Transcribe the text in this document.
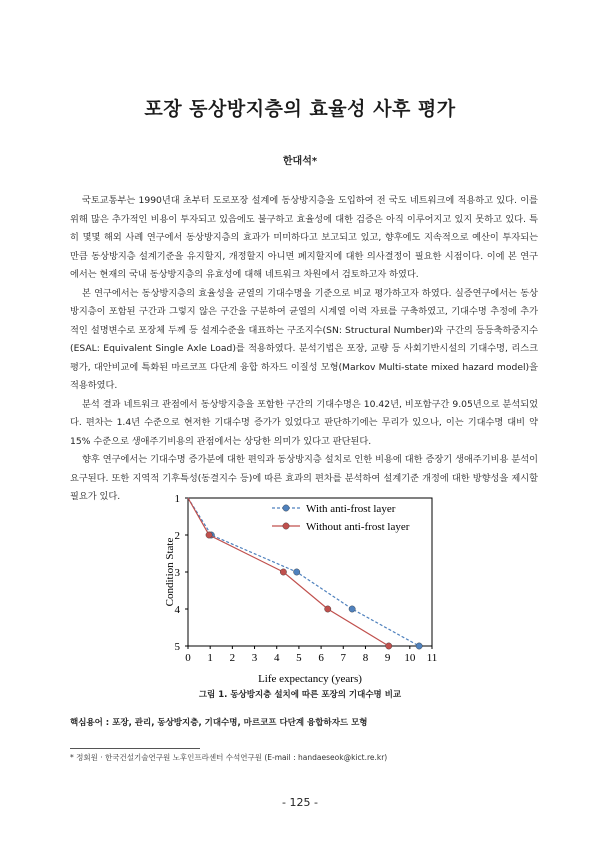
포장 동상방지층의 효율성 사후 평가
한대석*

국토교통부는 1990년대 초부터 도로포장 설계에 동상방지층을 도입하여 전 국도 네트워크에 적용하고 있다. 이를 위해 많은 추가적인 비용이 투자되고 있음에도 불구하고 효율성에 대한 검증은 아직 이루어지고 있지 못하고 있다. 특히 몇몇 해외 사례 연구에서 동상방지층의 효과가 미미하다고 보고되고 있고, 향후에도 지속적으로 예산이 투자되는 만큼 동상방지층 설계기준을 유지할지, 개정할지 아니면 폐지할지에 대한 의사결정이 필요한 시점이다. 이에 본 연구에서는 현재의 국내 동상방지층의 유효성에 대해 네트워크 차원에서 검토하고자 하였다.

본 연구에서는 동상방지층의 효율성을 균열의 기대수명을 기준으로 비교 평가하고자 하였다. 실증연구에서는 동상방지층이 포함된 구간과 그렇지 않은 구간을 구분하여 균열의 시계열 이력 자료를 구축하였고, 기대수명 추정에 추가적인 설명변수로 포장체 두께 등 설계수준을 대표하는 구조지수(SN: Structural Number)와 구간의 등등축하중지수(ESAL: Equivalent Single Axle Load)를 적용하였다. 분석기법은 포장, 교량 등 사회기반시설의 기대수명, 리스크 평가, 대안비교에 특화된 마르코프 다단계 융합 하자드 이질성 모형(Markov Multi-state mixed hazard model)을 적용하였다.

분석 결과 네트워크 관점에서 동상방지층을 포함한 구간의 기대수명은 10.42년, 비포함구간 9.05년으로 분석되었다. 편차는 1.4년 수준으로 현저한 기대수명 증가가 있었다고 판단하기에는 무리가 있으나, 이는 기대수명 대비 약 15% 수준으로 생애주기비용의 관점에서는 상당한 의미가 있다고 판단된다.

향후 연구에서는 기대수명 증가분에 대한 편익과 동상방지층 설치로 인한 비용에 대한 증장기 생애주기비용 분석이 요구된다. 또한 지역적 기후특성(동결지수 등)에 따른 효과의 편차를 분석하여 설계기준 개정에 대한 방향성을 제시할 필요가 있다.

0 1 2 3 4 5 6 7 8 9 10 11
1
2
3
4
5
Life expectancy (years)
Condition State
With anti-frost layer
Without anti-frost layer
그림 1. 동상방지층 설치에 따른 포장의 기대수명 비교
핵심용어 : 포장, 관리, 동상방지층, 기대수명, 마르코프 다단계 융합하자드 모형
* 정회원 · 한국건설기술연구원 노후인프라센터 수석연구원 (E-mail : handaeseok@kict.re.kr)
- 125 -
